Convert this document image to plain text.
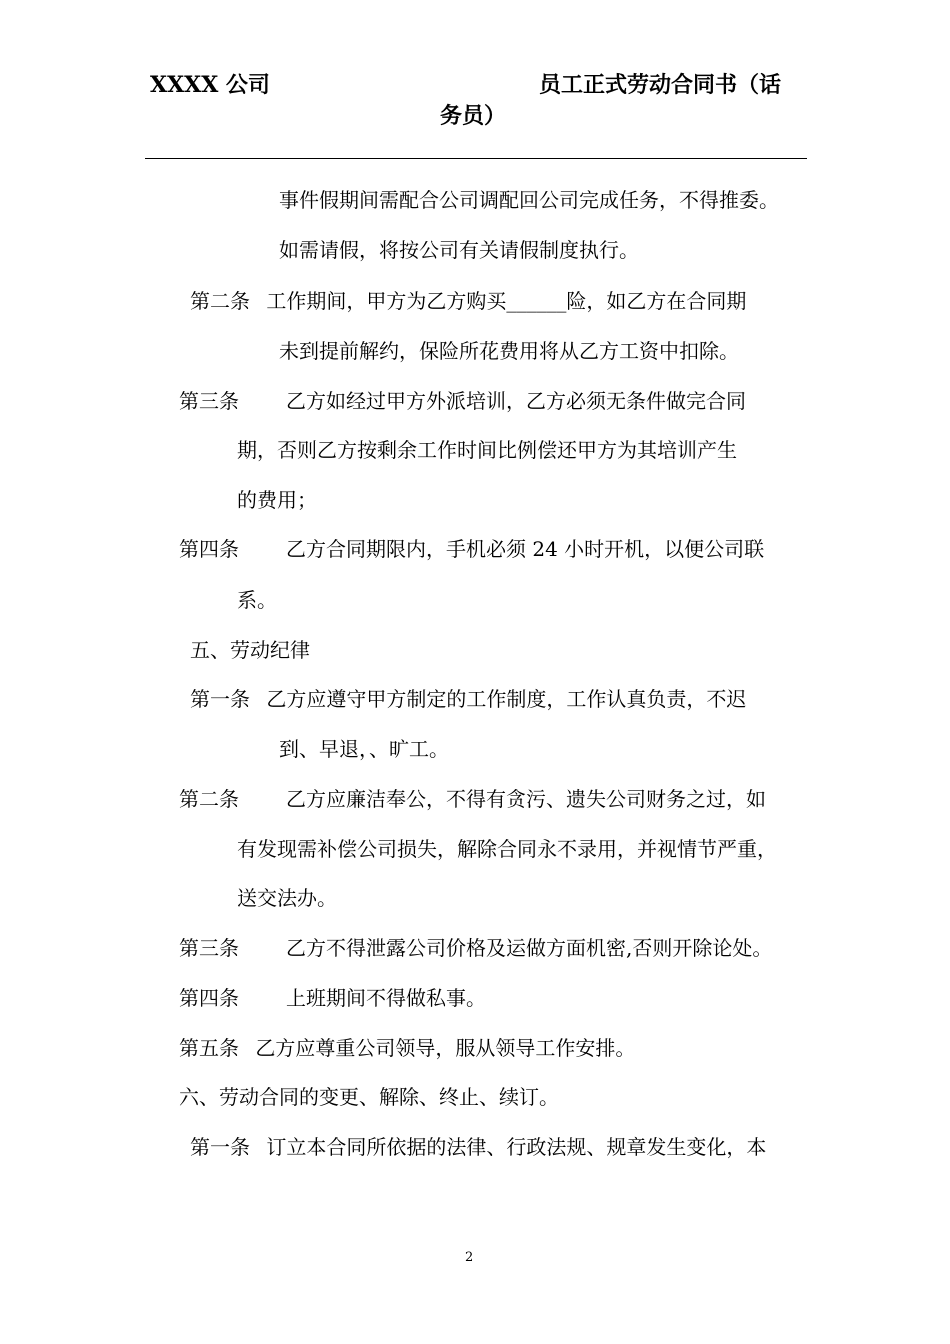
XXXX 公司	员工正式劳动合同书（话
务员）
事件假期间需配合公司调配回公司完成任务，不得推委。
如需请假，将按公司有关请假制度执行。
第二条 工作期间，甲方为乙方购买______险，如乙方在合同期
未到提前解约，保险所花费用将从乙方工资中扣除。
第三条 乙方如经过甲方外派培训，乙方必须无条件做完合同
期，否则乙方按剩余工作时间比例偿还甲方为其培训产生
的费用；
第四条 乙方合同期限内，手机必须 24 小时开机，以便公司联
系。
五、劳动纪律
第一条 乙方应遵守甲方制定的工作制度，工作认真负责，不迟
到、早退，、旷工。
第二条 乙方应廉洁奉公，不得有贪污、遗失公司财务之过，如
有发现需补偿公司损失，解除合同永不录用，并视情节严重，
送交法办。
第三条 乙方不得泄露公司价格及运做方面机密,否则开除论处。
第四条 上班期间不得做私事。
第五条 乙方应尊重公司领导，服从领导工作安排。
六、劳动合同的变更、解除、终止、续订。
第一条 订立本合同所依据的法律、行政法规、规章发生变化，本
2
